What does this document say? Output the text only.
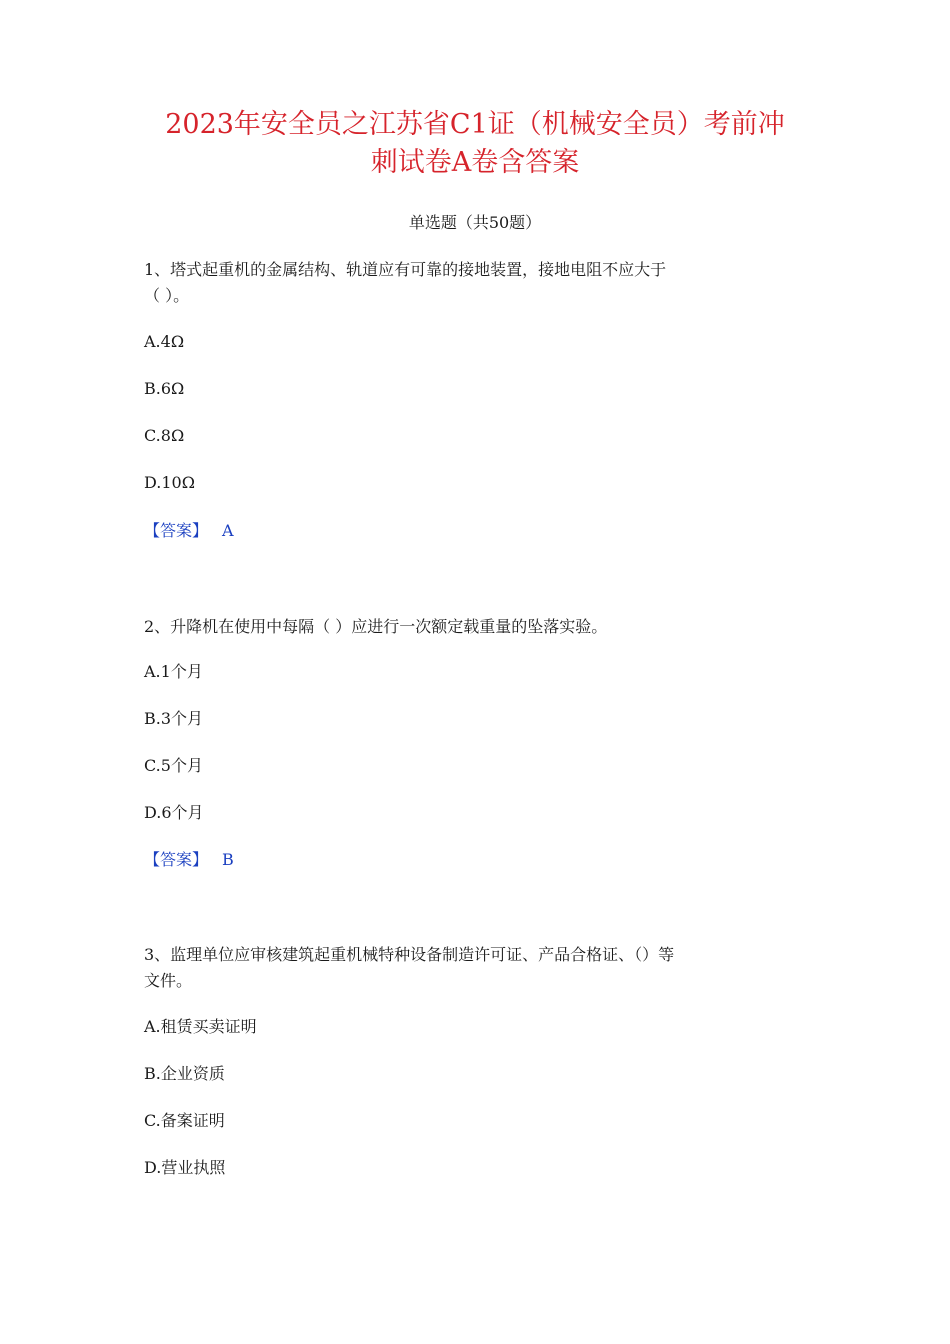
2023年安全员之江苏省C1证（机械安全员）考前冲
刺试卷A卷含答案
单选题（共50题）
1、塔式起重机的金属结构、轨道应有可靠的接地装置，接地电阻不应大于
（ ）。
A.4Ω
B.6Ω
C.8Ω
D.10Ω
【答案】 A
2、升降机在使用中每隔（ ）应进行一次额定载重量的坠落实验。
A.1个月
B.3个月
C.5个月
D.6个月
【答案】 B
3、监理单位应审核建筑起重机械特种设备制造许可证、产品合格证、（）等
文件。
A.租赁买卖证明
B.企业资质
C.备案证明
D.营业执照
